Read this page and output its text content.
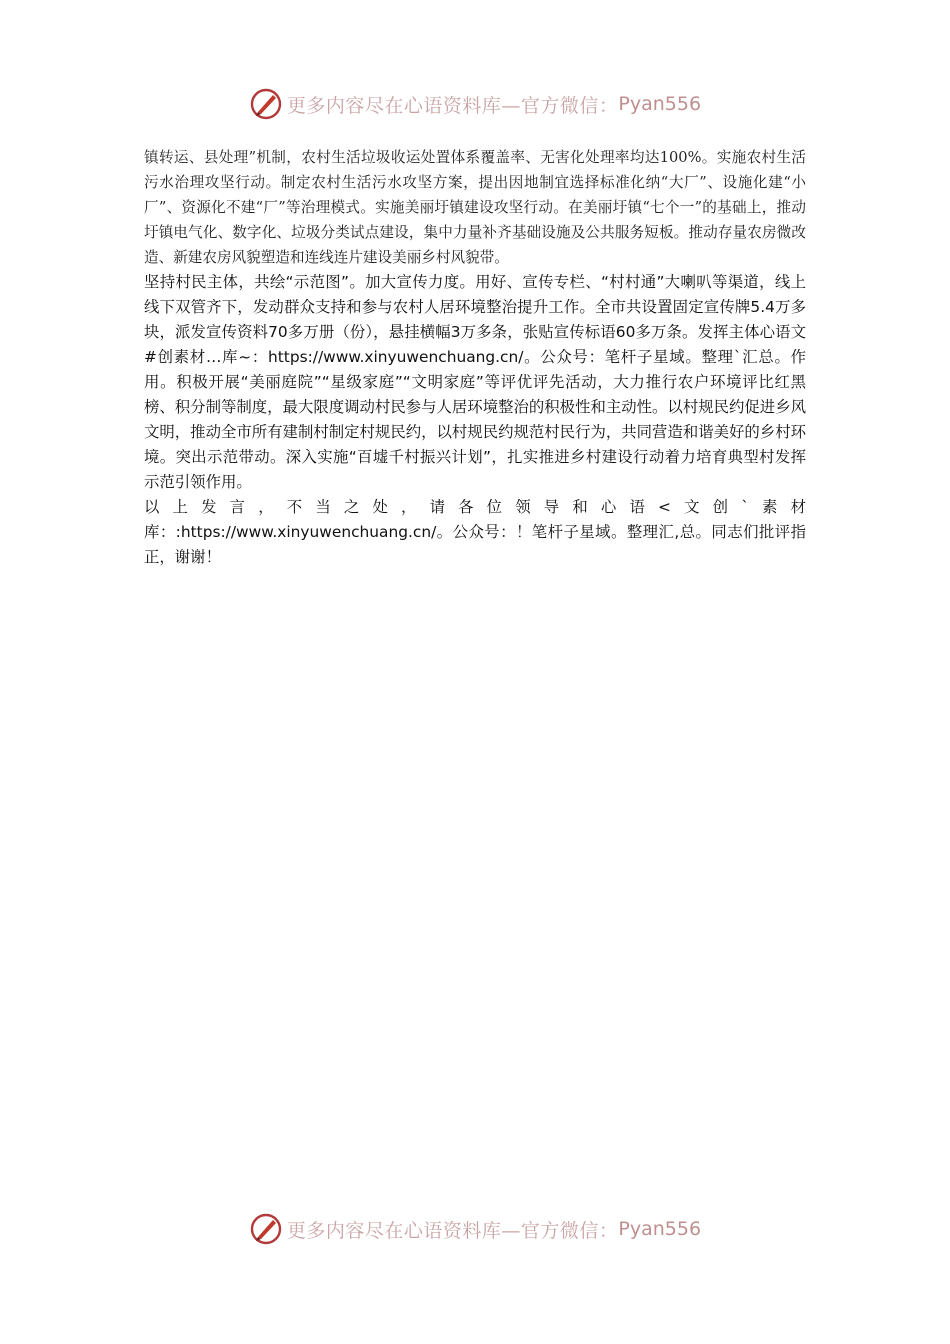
更多内容尽在心语资料库—官方微信： Pyan556

镇转运、县处理”机制，农村生活垃圾收运处置体系覆盖率、无害化处理率均达100%。实施农村生活污水治理攻坚行动。制定农村生活污水攻坚方案，提出因地制宜选择标准化纳“大厂”、设施化建“小厂”、资源化不建“厂”等治理模式。实施美丽圩镇建设攻坚行动。在美丽圩镇“七个一”的基础上，推动圩镇电气化、数字化、垃圾分类试点建设，集中力量补齐基础设施及公共服务短板。推动存量农房微改造、新建农房风貌塑造和连线连片建设美丽乡村风貌带。

坚持村民主体，共绘“示范图”。加大宣传力度。用好、宣传专栏、“村村通”大喇叭等渠道，线上线下双管齐下，发动群众支持和参与农村人居环境整治提升工作。全市共设置固定宣传牌5.4万多块，派发宣传资料70多万册（份），悬挂横幅3万多条，张贴宣传标语60多万条。发挥主体心语文#创素材…库~：https://www.xinyuwenchuang.cn/。公众号：笔杆子星域。整理`汇总。作用。积极开展“美丽庭院”“星级家庭”“文明家庭”等评优评先活动，大力推行农户环境评比红黑榜、积分制等制度，最大限度调动村民参与人居环境整治的积极性和主动性。以村规民约促进乡风文明，推动全市所有建制村制定村规民约，以村规民约规范村民行为，共同营造和谐美好的乡村环境。突出示范带动。深入实施“百墟千村振兴计划”，扎实推进乡村建设行动着力培育典型村发挥示范引领作用。

以上发言，不当之处，请各位领导和心语<文创`素材库：:https://www.xinyuwenchuang.cn/。公众号：！笔杆子星域。整理汇,总。同志们批评指正，谢谢！

更多内容尽在心语资料库—官方微信： Pyan556
